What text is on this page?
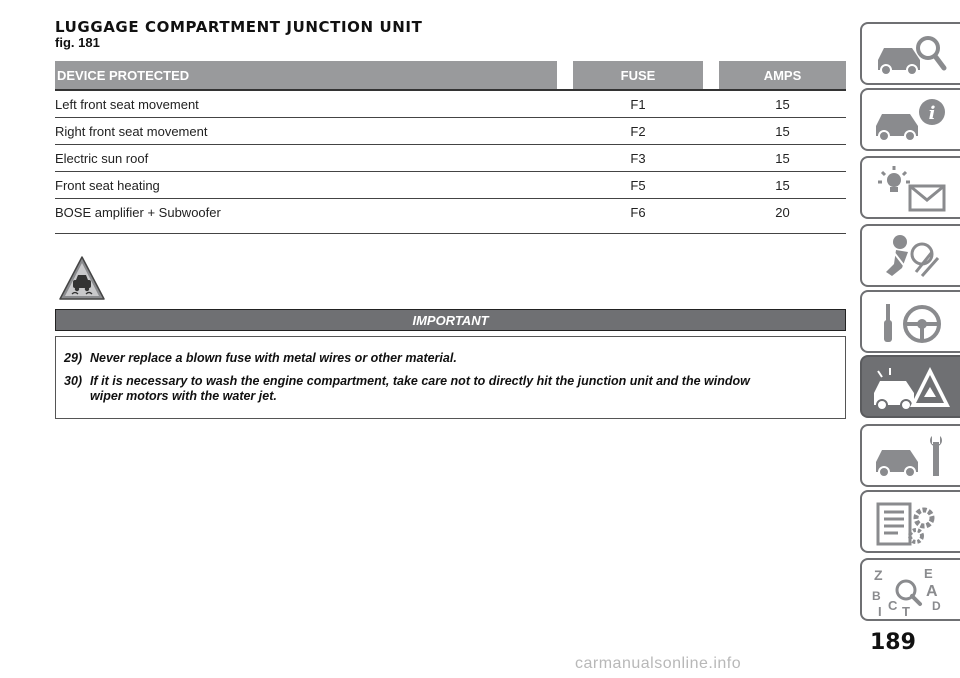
LUGGAGE COMPARTMENT JUNCTION UNIT
fig. 181
DEVICE PROTECTED	FUSE	AMPS
Left front seat movement	F1	15
Right front seat movement	F2	15
Electric sun roof	F3	15
Front seat heating	F5	15
BOSE amplifier + Subwoofer	F6	20
IMPORTANT
29) Never replace a blown fuse with metal wires or other material.
30) If it is necessary to wash the engine compartment, take care not to directly hit the junction unit and the window
wiper motors with the water jet.
i
Z	E
B	A
C	D
T
I
189
carmanualsonline.info
